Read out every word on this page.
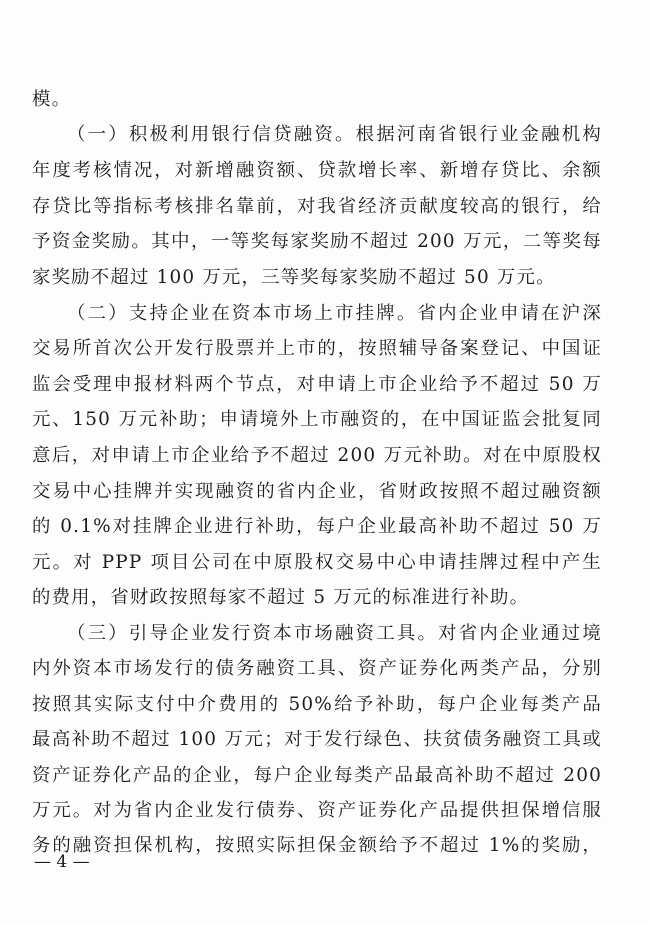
模。
（一）积极利用银行信贷融资。根据河南省银行业金融机构
年度考核情况，对新增融资额、贷款增长率、新增存贷比、余额
存贷比等指标考核排名靠前，对我省经济贡献度较高的银行，给
予资金奖励。其中，一等奖每家奖励不超过 200 万元，二等奖每
家奖励不超过 100 万元，三等奖每家奖励不超过 50 万元。
（二）支持企业在资本市场上市挂牌。省内企业申请在沪深
交易所首次公开发行股票并上市的，按照辅导备案登记、中国证
监会受理申报材料两个节点，对申请上市企业给予不超过 50 万
元、150 万元补助；申请境外上市融资的，在中国证监会批复同
意后，对申请上市企业给予不超过 200 万元补助。对在中原股权
交易中心挂牌并实现融资的省内企业，省财政按照不超过融资额
的 0.1%对挂牌企业进行补助，每户企业最高补助不超过 50 万
元。对 PPP 项目公司在中原股权交易中心申请挂牌过程中产生
的费用，省财政按照每家不超过 5 万元的标准进行补助。
（三）引导企业发行资本市场融资工具。对省内企业通过境
内外资本市场发行的债务融资工具、资产证券化两类产品，分别
按照其实际支付中介费用的 50%给予补助，每户企业每类产品
最高补助不超过 100 万元；对于发行绿色、扶贫债务融资工具或
资产证券化产品的企业，每户企业每类产品最高补助不超过 200
万元。对为省内企业发行债券、资产证券化产品提供担保增信服
务的融资担保机构，按照实际担保金额给予不超过 1%的奖励，
— 4 —
